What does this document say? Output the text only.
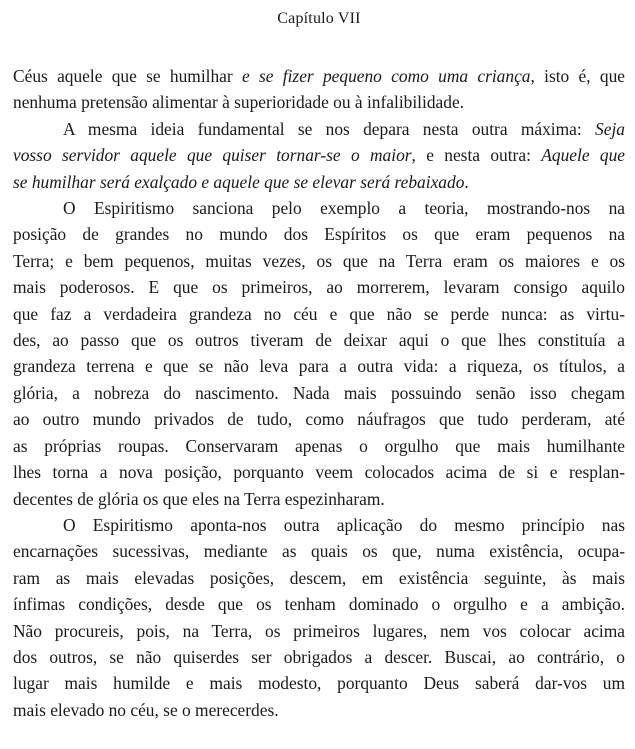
Capítulo VII

Céus aquele que se humilhar e se fizer pequeno como uma criança, isto é, que
nenhuma pretensão alimentar à superioridade ou à infalibilidade.

A mesma ideia fundamental se nos depara nesta outra máxima: Seja
vosso servidor aquele que quiser tornar-se o maior, e nesta outra: Aquele que
se humilhar será exalçado e aquele que se elevar será rebaixado.

O Espiritismo sanciona pelo exemplo a teoria, mostrando-nos na
posição de grandes no mundo dos Espíritos os que eram pequenos na
Terra; e bem pequenos, muitas vezes, os que na Terra eram os maiores e os
mais poderosos. E que os primeiros, ao morrerem, levaram consigo aquilo
que faz a verdadeira grandeza no céu e que não se perde nunca: as virtu-
des, ao passo que os outros tiveram de deixar aqui o que lhes constituía a
grandeza terrena e que se não leva para a outra vida: a riqueza, os títulos, a
glória, a nobreza do nascimento. Nada mais possuindo senão isso chegam
ao outro mundo privados de tudo, como náufragos que tudo perderam, até
as próprias roupas. Conservaram apenas o orgulho que mais humilhante
lhes torna a nova posição, porquanto veem colocados acima de si e resplan-
decentes de glória os que eles na Terra espezinharam.

O Espiritismo aponta-nos outra aplicação do mesmo princípio nas
encarnações sucessivas, mediante as quais os que, numa existência, ocupa-
ram as mais elevadas posições, descem, em existência seguinte, às mais
ínfimas condições, desde que os tenham dominado o orgulho e a ambição.
Não procureis, pois, na Terra, os primeiros lugares, nem vos colocar acima
dos outros, se não quiserdes ser obrigados a descer. Buscai, ao contrário, o
lugar mais humilde e mais modesto, porquanto Deus saberá dar-vos um
mais elevado no céu, se o merecerdes.
